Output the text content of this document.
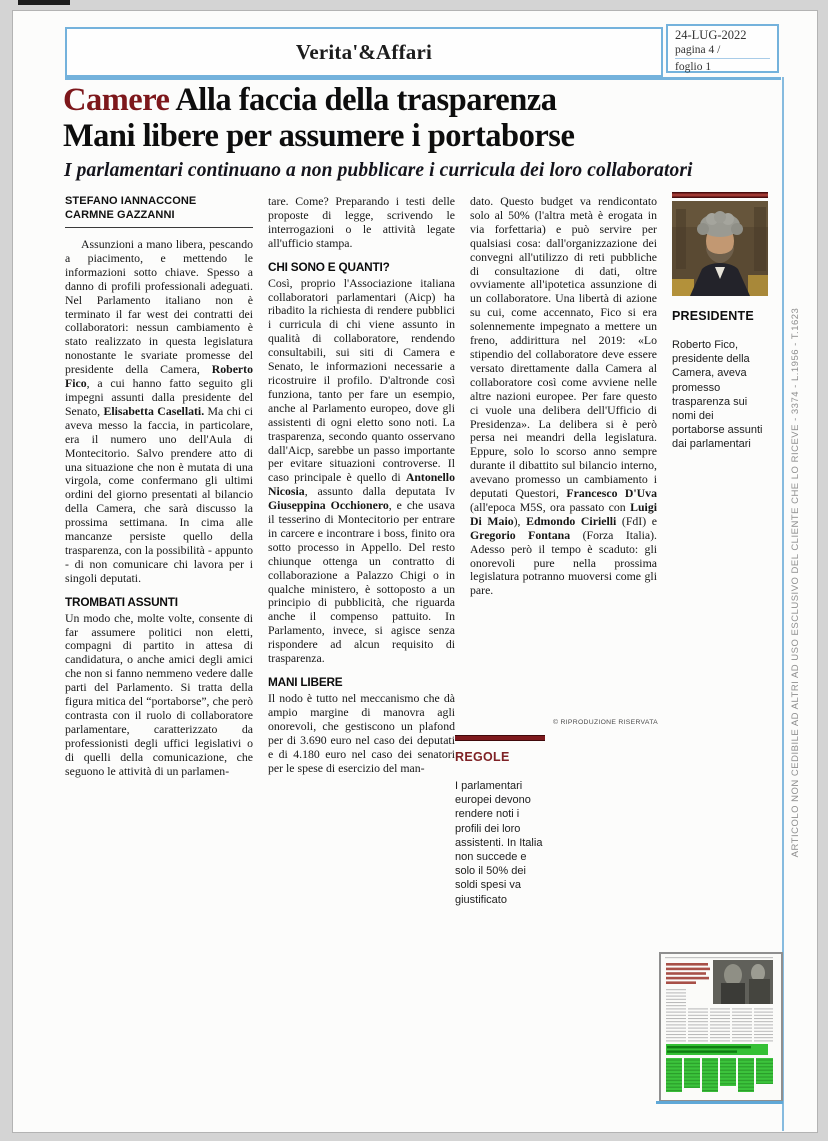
Verita'&Affari
24-LUG-2022
pagina 4 /
foglio 1
Camere Alla faccia della trasparenza
Mani libere per assumere i portaborse
I parlamentari continuano a non pubblicare i curricula dei loro collaboratori
STEFANO IANNACCONE
CARMNE GAZZANNI

Assunzioni a mano libera, pescando a piacimento, e mettendo le informazioni sotto chiave. Spesso a danno di profili professionali adeguati. Nel Parlamento italiano non è terminato il far west dei contratti dei collaboratori: nessun cambiamento è stato realizzato in questa legislatura nonostante le svariate promesse del presidente della Camera, Roberto Fico, a cui hanno fatto seguito gli impegni assunti dalla presidente del Senato, Elisabetta Casellati. Ma chi ci aveva messo la faccia, in particolare, era il numero uno dell'Aula di Montecitorio. Salvo prendere atto di una situazione che non è mutata di una virgola, come confermano gli ultimi ordini del giorno presentati al bilancio della Camera, che sarà discusso la prossima settimana. In cima alle mancanze persiste quello della trasparenza, con la possibilità - appunto - di non comunicare chi lavora per i singoli deputati.

TROMBATI ASSUNTI

Un modo che, molte volte, consente di far assumere politici non eletti, compagni di partito in attesa di candidatura, o anche amici degli amici che non si fanno nemmeno vedere dalle parti del Parlamento. Si tratta della figura mitica del “portaborse”, che però contrasta con il ruolo di collaboratore parlamentare, caratterizzato da professionisti degli uffici legislativi o di quelli della comunicazione, che seguono le attività di un parlamen-

tare. Come? Preparando i testi delle proposte di legge, scrivendo le interrogazioni o le attività legate all'ufficio stampa.

CHI SONO E QUANTI?

Così, proprio l'Associazione italiana collaboratori parlamentari (Aicp) ha ribadito la richiesta di rendere pubblici i curricula di chi viene assunto in qualità di collaboratore, rendendo consultabili, sui siti di Camera e Senato, le informazioni necessarie a ricostruire il profilo. D'altronde così funziona, tanto per fare un esempio, anche al Parlamento europeo, dove gli assistenti di ogni eletto sono noti. La trasparenza, secondo quanto osservano dall'Aicp, sarebbe un passo importante per evitare situazioni controverse. Il caso principale è quello di Antonello Nicosia, assunto dalla deputata Iv Giuseppina Occhionero, e che usava il tesserino di Montecitorio per entrare in carcere e incontrare i boss, finito ora sotto processo in Appello. Del resto chiunque ottenga un contratto di collaborazione a Palazzo Chigi o in qualche ministero, è sottoposto a un principio di pubblicità, che riguarda anche il compenso pattuito. In Parlamento, invece, si agisce senza rispondere ad alcun requisito di trasparenza.

MANI LIBERE

Il nodo è tutto nel meccanismo che dà ampio margine di manovra agli onorevoli, che gestiscono un plafond per di 3.690 euro nel caso dei deputati e di 4.180 euro nel caso dei senatori per le spese di esercizio del man-

dato. Questo budget va rendicontato solo al 50% (l'altra metà è erogata in via forfettaria) e può servire per qualsiasi cosa: dall'organizzazione dei convegni all'utilizzo di reti pubbliche di consultazione di dati, oltre ovviamente all'ipotetica assunzione di un collaboratore. Una libertà di azione su cui, come accennato, Fico si era solennemente impegnato a mettere un freno, addirittura nel 2019: «Lo stipendio del collaboratore deve essere versato direttamente dalla Camera al collaboratore così come avviene nelle altre nazioni europee. Per fare questo ci vuole una delibera dell'Ufficio di Presidenza». La delibera si è però persa nei meandri della legislatura. Eppure, solo lo scorso anno sempre durante il dibattito sul bilancio interno, avevano promesso un cambiamento i deputati Questori, Francesco D'Uva (all'epoca M5S, ora passato con Luigi Di Maio), Edmondo Cirielli (FdI) e Gregorio Fontana (Forza Italia). Adesso però il tempo è scaduto: gli onorevoli pure nella prossima legislatura potranno muoversi come gli pare.

© RIPRODUZIONE RISERVATA
REGOLE
I parlamentari europei devono rendere noti i profili dei loro assistenti. In Italia non succede e solo il 50% dei soldi spesi va giustificato
PRESIDENTE
Roberto Fico, presidente della Camera, aveva promesso trasparenza sui nomi dei portaborse assunti dai parlamentari	ARTICOLO NON CEDIBILE AD ALTRI AD USO ESCLUSIVO DEL CLIENTE CHE LO RICEVE - 3374 - L.1956 - T.1623
